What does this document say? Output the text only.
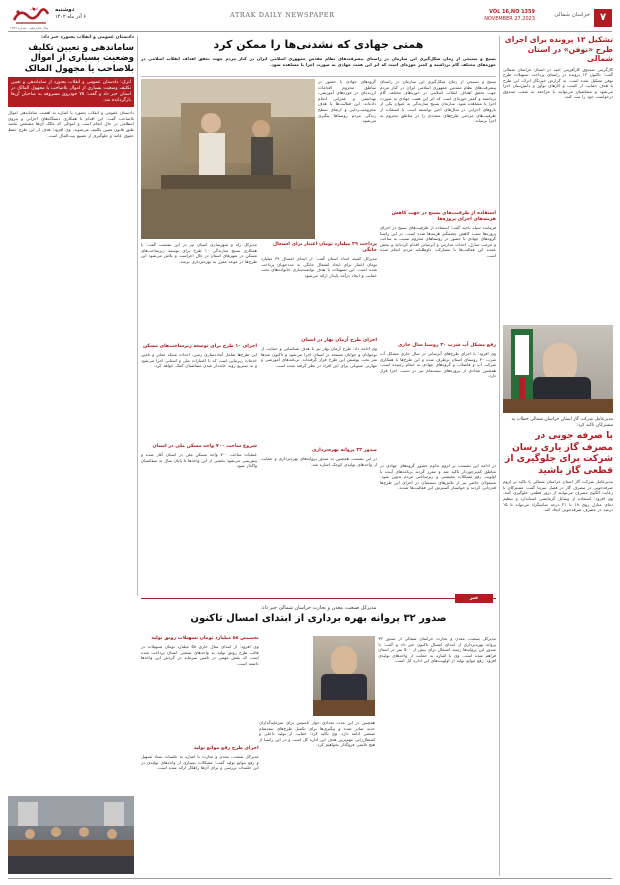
۷
خراسان شمالی
VOL 16,NO 1359
NOVEMBER 27,2023
ATRAK DAILY NEWSPAPER
اترک	دوشنبه
۶ آذر ماه ۱۴۰۲
سال شانزدهم - شماره ۱۳۵۹
تشکیل ۱۲ پرونده برای اجرای طرح «نوفن» در استان شمالی
کارگزینی صندوق کارآفرینی امید در استان خراسان شمالی گفت: تاکنون ۱۲ پرونده در راستای پرداخت تسهیلات طرح نوفن تشکیل شده است. به گزارش خبرنگار اترک، این طرح با هدف حمایت از کسب و کارهای نوآور و دانش‌بنیان اجرا می‌شود و متقاضیان می‌توانند با مراجعه به شعب صندوق درخواست خود را ثبت کنند.
مدیرعامل شرکت گاز استان خراسان شمالی خطاب به مشترکان تاکید کرد:
با صرفه جویی در مصرف گاز یاری رسان شرکت برای جلوگیری از قطعی گاز باشید
مدیرعامل شرکت گاز استان خراسان شمالی با تاکید بر لزوم صرفه‌جویی در مصرف گاز در فصل سرما گفت: مشترکان با رعایت الگوی مصرف می‌توانند از بروز قطعی جلوگیری کنند. وی افزود: استفاده از وسایل گرمایشی استاندارد و تنظیم دمای منازل روی ۱۸ تا ۲۱ درجه سانتیگراد می‌تواند تا ۱۵ درصد در مصرف صرفه‌جویی ایجاد کند.
همتی جهادی که نشدنی‌ها را ممکن کرد
بسیج و بسیجی از زمان شکل‌گیری این سازمان در راستای پیشرفت‌های نظام مقدس جمهوری اسلامی ایران در کنار مردم جهت تحقق اهداف انقلاب اسلامی در حوزه‌های مختلف گام برداشته و کمتر حوزه‌ای است که اثر این همت جهادی به صورت اجرا یا مشاهده شود.
بسیج و بسیجی از زمان شکل‌گیری این سازمان در راستای پیشرفت‌های نظام مقدس جمهوری اسلامی ایران در کنار مردم جهت تحقق اهداف انقلاب اسلامی در حوزه‌های مختلف گام برداشته و کمتر حوزه‌ای است که اثر این همت جهادی به صورت اجرا یا مشاهده شود. سازمان بسیج سازندگی به عنوان یکی از بازوهای اجرایی در سال‌های اخیر توانسته است با استفاده از ظرفیت‌های مردمی طرح‌های متعددی را در مناطق محروم به اجرا برساند.
استفاده از ظرفیت‌های بسیج در جهت کاهش هزینه‌های اجرای پروژه‌ها
فرمانده سپاه ناحیه گفت: استفاده از ظرفیت‌های بسیج در اجرای پروژه‌ها سبب کاهش چشمگیر هزینه‌ها شده است. در این راستا گروه‌های جهادی با حضور در روستاهای محروم نسبت به ساخت و مرمت منازل، احداث مدارس و آبرسانی اقدام کرده‌اند و بخش عمده این فعالیت‌ها با مشارکت داوطلبانه مردم انجام شده است.
رفع مشکل آب شرب ۳۰ روستا سال جاری
وی افزود: با اجرای طرح‌های آبرسانی در سال جاری مشکل آب شرب ۳۰ روستای استان برطرف شده و این طرح‌ها با همکاری شرکت آب و فاضلاب و گروه‌های جهادی به انجام رسیده است. همچنین تعدادی از پروژه‌های نیمه‌تمام نیز در دست اجرا قرار دارد.
در ادامه این نشست بر لزوم تداوم حضور گروه‌های جهادی در مناطق کم‌برخوردار تاکید شد و مقرر گردید برنامه‌های آینده با اولویت رفع مشکلات معیشتی و زیرساختی مردم تدوین شود. مسئولان حاضر نیز از تلاش‌های بسیجیان در اجرای این طرح‌ها قدردانی کردند و خواستار گسترش این فعالیت‌ها شدند.
گروه‌های جهادی با حضور در مناطق محروم اقدامات ارزنده‌ای در حوزه‌های آموزشی، بهداشتی و عمرانی انجام داده‌اند. این فعالیت‌ها با هدف محرومیت‌زدایی و ارتقای سطح زندگی مردم روستاها پیگیری می‌شود.
پرداخت ۳۹ میلیارد تومان اعتبار برای اشتغال خانگی
مدیرکل کمیته امداد استان گفت: از ابتدای امسال ۳۹ میلیارد تومان اعتبار برای ایجاد اشتغال خانگی به مددجویان پرداخت شده است. این تسهیلات با هدف توانمندسازی خانواده‌های تحت حمایت و ایجاد درآمد پایدار ارائه می‌شود.
اجرای طرح آرمان بهار در استان
وی ادامه داد: طرح آرمان بهار نیز با هدف شناسایی و حمایت از نوجوانان و جوانان مستعد در استان اجرا می‌شود و تاکنون صدها نفر تحت پوشش این طرح قرار گرفته‌اند. برنامه‌های آموزشی و مهارتی متنوعی برای این افراد در نظر گرفته شده است.
صدور ۳۲ پروانه بهره‌برداری
در این نشست همچنین به صدور پروانه‌های بهره‌برداری و حمایت از واحدهای تولیدی کوچک اشاره شد.
مدیرکل راه و شهرسازی استان نیز در این نشست گفت: با همکاری بسیج سازندگی ۱۰ طرح برای توسعه زیرساخت‌های مسکن در شهرهای استان در حال اجراست و تلاش می‌شود این طرح‌ها در موعد مقرر به بهره‌برداری برسد.
اجرای ۱۰ طرح برای توسعه زیرساخت‌های مسکن
این طرح‌ها شامل آماده‌سازی زمین، احداث شبکه معابر و تامین خدمات زیربنایی است که با اعتبارات ملی و استانی اجرا می‌شود و به تسریع روند خانه‌دار شدن متقاضیان کمک خواهد کرد.
شروع ساخت ۷۰۰ واحد مسکن ملی در استان
عملیات ساخت ۷۰۰ واحد مسکن ملی در استان آغاز شده و پیش‌بینی می‌شود بخشی از این واحدها تا پایان سال به متقاضیان واگذار شود.
دادستان عمومی و انقلاب بجنورد خبر داد:
ساماندهی و تعیین تکلیف وضعیت بسیاری از اموال بلاصاحب یا مجهول المالک
اترک: دادستان عمومی و انقلاب بجنورد از ساماندهی و تعیین تکلیف وضعیت بسیاری از اموال بلاصاحب یا مجهول المالک در استان خبر داد و گفت: ۷۵ خودروی مسروقه به صاحبان آن‌ها بازگردانده شد.
دادستان عمومی و انقلاب بجنورد با اشاره به اهمیت ساماندهی اموال بلاصاحب گفت: این اقدام با همکاری دستگاه‌های اجرایی و نیروی انتظامی در حال انجام است و اموالی که مالک آن‌ها مشخص نباشد طبق قانون تعیین تکلیف می‌شوند. وی افزود: هدف از این طرح حفظ حقوق عامه و جلوگیری از تضییع بیت‌المال است.
خبر
مدیرکل صنعت، معدن و تجارت خراسان شمالی خبر داد:
صدور ۳۲ پروانه بهره برداری از ابتدای امسال تاکنون
مدیرکل صنعت، معدن و تجارت خراسان شمالی از صدور ۳۲ پروانه بهره‌برداری از ابتدای امسال تاکنون خبر داد و گفت: با صدور این پروانه‌ها زمینه اشتغال برای بیش از ۵۰۰ نفر در استان فراهم شده است. وی با اشاره به حمایت از واحدهای تولیدی افزود: رفع موانع تولید از اولویت‌های این اداره کل است.
تخصیص ۵۸ میلیارد تومان تسهیلات رونق تولید
وی افزود: از ابتدای سال جاری ۵۸ میلیارد تومان تسهیلات در قالب طرح رونق تولید به واحدهای صنعتی استان پرداخت شده است که نقش مهمی در تامین سرمایه در گردش این واحدها داشته است.
اجرای طرح رفع موانع تولید
مدیرکل صنعت، معدن و تجارت با اشاره به جلسات ستاد تسهیل و رفع موانع تولید گفت: مشکلات بسیاری از واحدهای تولیدی در این جلسات بررسی و برای آن‌ها راهکار ارائه شده است.
همچنین در این مدت تعدادی جواز تاسیس برای سرمایه‌گذاران جدید صادر شده و پیگیری‌ها برای تکمیل طرح‌های نیمه‌تمام صنعتی ادامه دارد. وی تاکید کرد: حمایت از تولید داخلی و اشتغال‌زایی مهم‌ترین هدف این اداره کل است و در این راستا از هیچ تلاشی فروگذار نخواهیم کرد.
